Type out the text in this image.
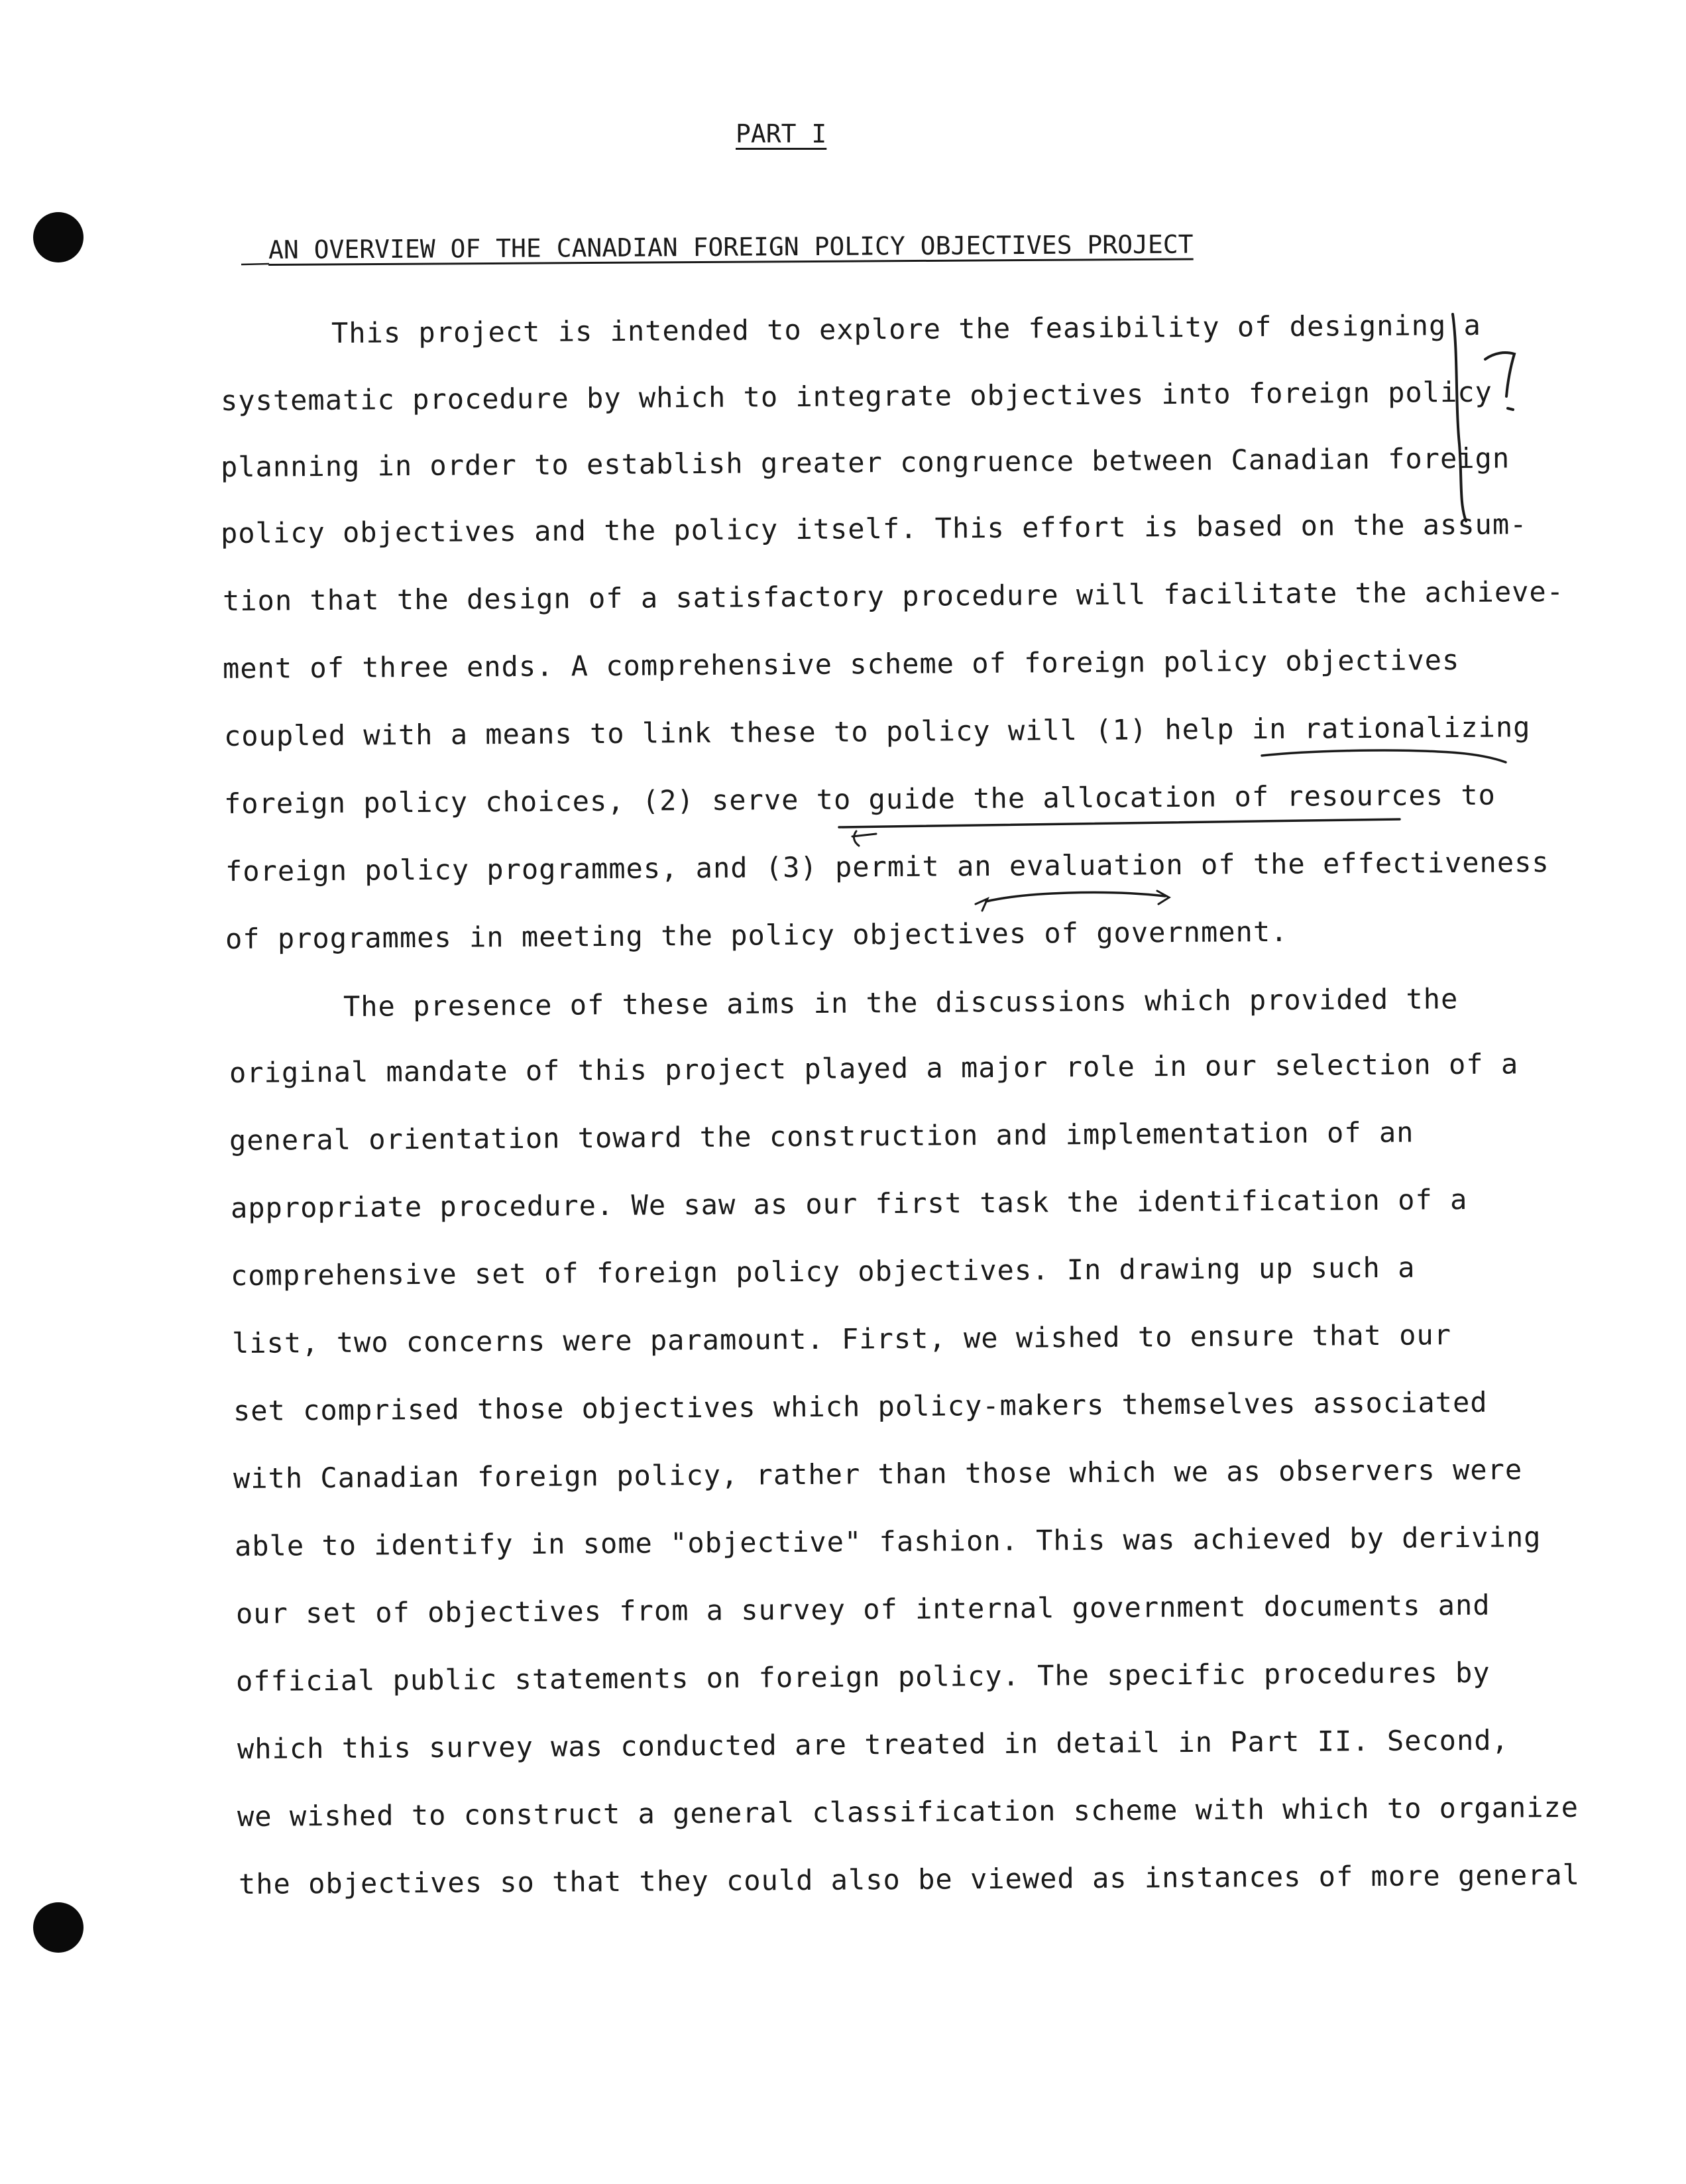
PART I
AN OVERVIEW OF THE CANADIAN FOREIGN POLICY OBJECTIVES PROJECT
This project is intended to explore the feasibility of designing a
systematic procedure by which to integrate objectives into foreign policy
planning in order to establish greater congruence between Canadian foreign
policy objectives and the policy itself. This effort is based on the assum-
tion that the design of a satisfactory procedure will facilitate the achieve-
ment of three ends. A comprehensive scheme of foreign policy objectives
coupled with a means to link these to policy will (1) help in rationalizing
foreign policy choices, (2) serve to guide the allocation of resources to
foreign policy programmes, and (3) permit an evaluation of the effectiveness
of programmes in meeting the policy objectives of government.
The presence of these aims in the discussions which provided the
original mandate of this project played a major role in our selection of a
general orientation toward the construction and implementation of an
appropriate procedure. We saw as our first task the identification of a
comprehensive set of foreign policy objectives. In drawing up such a
list, two concerns were paramount. First, we wished to ensure that our
set comprised those objectives which policy-makers themselves associated
with Canadian foreign policy, rather than those which we as observers were
able to identify in some "objective" fashion. This was achieved by deriving
our set of objectives from a survey of internal government documents and
official public statements on foreign policy. The specific procedures by
which this survey was conducted are treated in detail in Part II. Second,
we wished to construct a general classification scheme with which to organize
the objectives so that they could also be viewed as instances of more general
